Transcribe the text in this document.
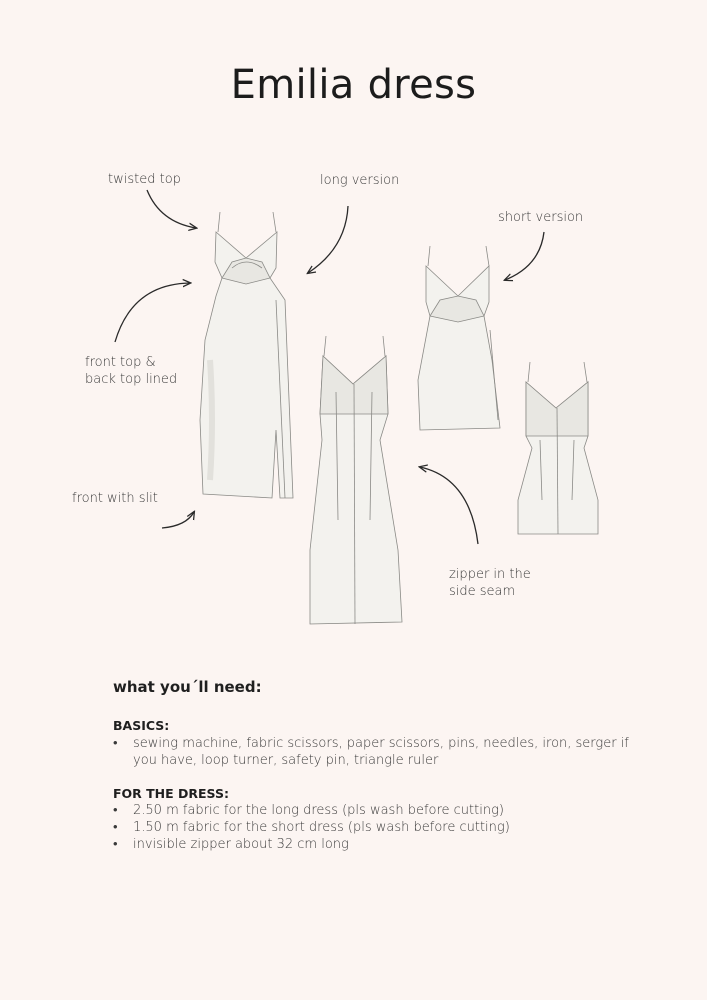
Emilia dress
twisted top	long version
short version
front top &
back top lined
front with slit
zipper in the
side seam
what you´ll need:
BASICS:
• sewing machine, fabric scissors, paper scissors, pins, needles, iron, serger if you have, loop turner, safety pin, triangle ruler
FOR THE DRESS:
• 2.50 m fabric for the long dress (pls wash before cutting)
• 1.50 m fabric for the short dress (pls wash before cutting)
• invisible zipper about 32 cm long
